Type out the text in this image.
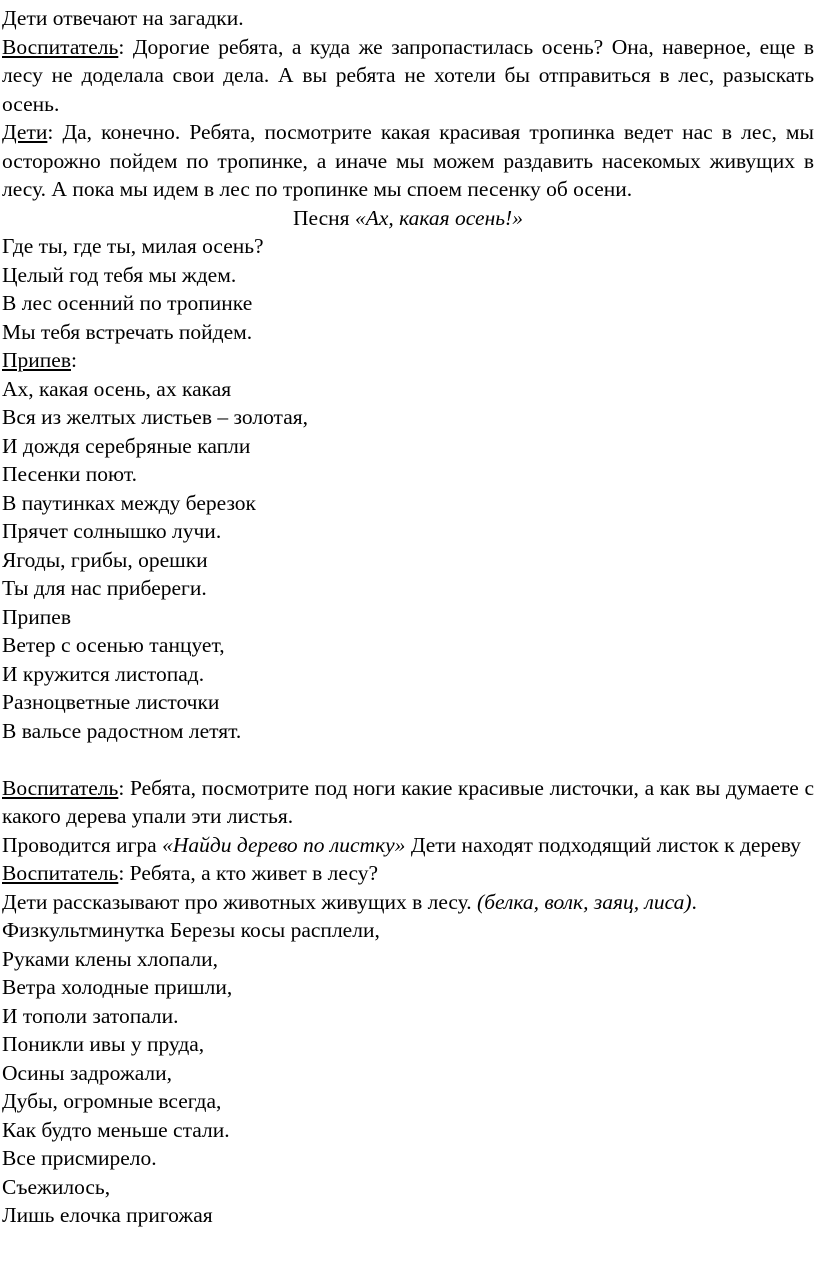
Дети отвечают на загадки.
Воспитатель: Дорогие ребята, а куда же запропастилась осень? Она, наверное, еще в лесу не доделала свои дела. А вы ребята не хотели бы отправиться в лес, разыскать осень.
Дети: Да, конечно. Ребята, посмотрите какая красивая тропинка ведет нас в лес, мы осторожно пойдем по тропинке, а иначе мы можем раздавить насекомых живущих в лесу. А пока мы идем в лес по тропинке мы споем песенку об осени.
Песня «Ах, какая осень!»
Где ты, где ты, милая осень?
Целый год тебя мы ждем.
В лес осенний по тропинке
Мы тебя встречать пойдем.
Припев:
Ах, какая осень, ах какая
Вся из желтых листьев – золотая,
И дождя серебряные капли
Песенки поют.
В паутинках между березок
Прячет солнышко лучи.
Ягоды, грибы, орешки
Ты для нас прибереги.
Припев
Ветер с осенью танцует,
И кружится листопад.
Разноцветные листочки
В вальсе радостном летят.
Воспитатель: Ребята, посмотрите под ноги какие красивые листочки, а как вы думаете с какого дерева упали эти листья.
Проводится игра «Найди дерево по листку» Дети находят подходящий листок к дереву
Воспитатель: Ребята, а кто живет в лесу?
Дети рассказывают про животных живущих в лесу. (белка, волк, заяц, лиса).
Физкультминутка Березы косы расплели,
Руками клены хлопали,
Ветра холодные пришли,
И тополи затопали.
Поникли ивы у пруда,
Осины задрожали,
Дубы, огромные всегда,
Как будто меньше стали.
Все присмирело.
Съежилось,
Лишь елочка пригожая
